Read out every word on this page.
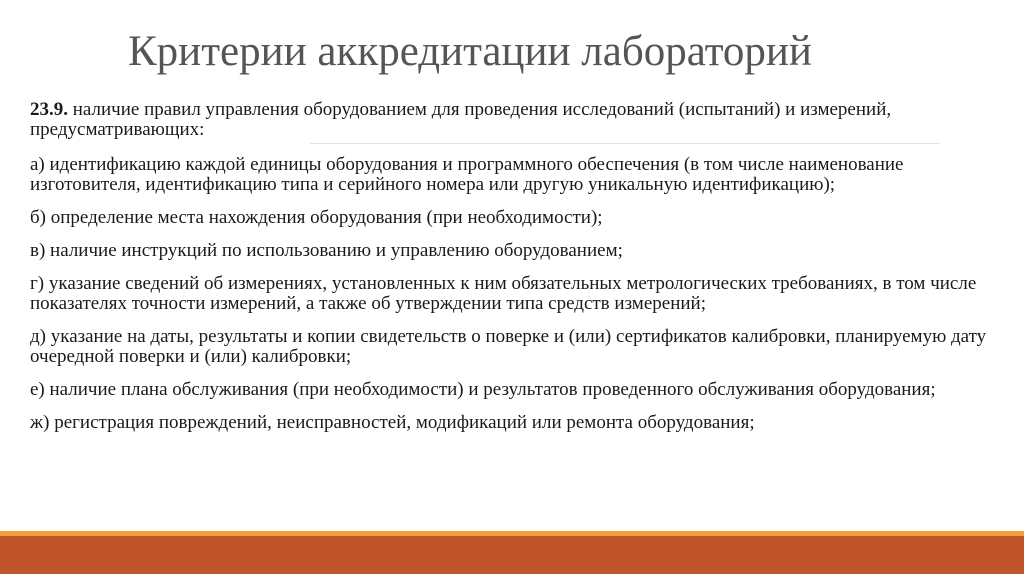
Критерии аккредитации лабораторий

23.9. наличие правил управления оборудованием для проведения исследований (испытаний) и измерений, предусматривающих:

а) идентификацию каждой единицы оборудования и программного обеспечения (в том числе наименование изготовителя, идентификацию типа и серийного номера или другую уникальную идентификацию);

б) определение места нахождения оборудования (при необходимости);

в) наличие инструкций по использованию и управлению оборудованием;

г) указание сведений об измерениях, установленных к ним обязательных метрологических требованиях, в том числе показателях точности измерений, а также об утверждении типа средств измерений;

д) указание на даты, результаты и копии свидетельств о поверке и (или) сертификатов калибровки, планируемую дату очередной поверки и (или) калибровки;

е) наличие плана обслуживания (при необходимости) и результатов проведенного обслуживания оборудования;

ж) регистрация повреждений, неисправностей, модификаций или ремонта оборудования;
